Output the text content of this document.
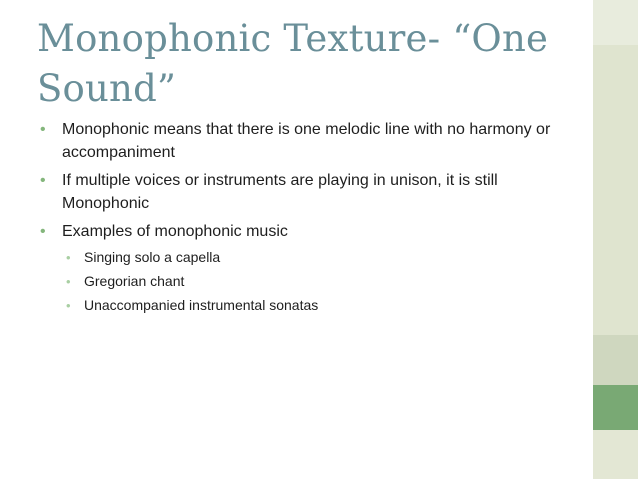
Monophonic Texture- “One Sound”
• Monophonic means that there is one melodic line with no harmony or accompaniment
• If multiple voices or instruments are playing in unison, it is still Monophonic
• Examples of monophonic music
• Singing solo a capella
• Gregorian chant
• Unaccompanied instrumental sonatas
